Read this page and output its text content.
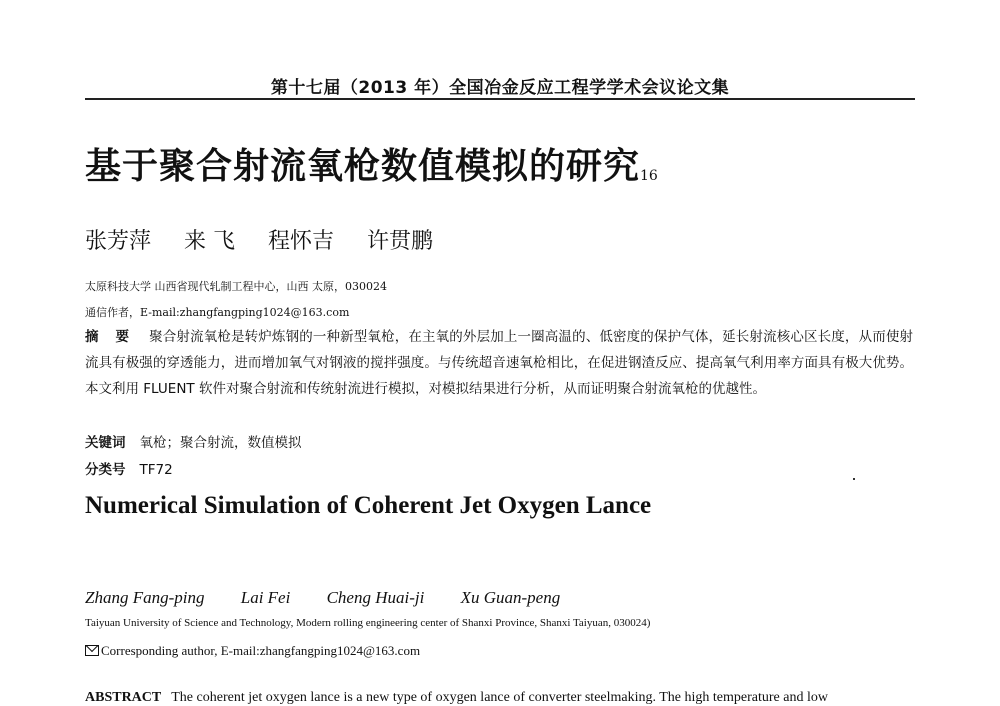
第十七届（2013 年）全国冶金反应工程学学术会议论文集
基于聚合射流氧枪数值模拟的研究$_{16}$
张芳萍 来 飞 程怀吉 许贯鹏
太原科技大学 山西省现代轧制工程中心，山西 太原，030024
通信作者，E-mail:zhangfangping1024@163.com
摘 要 聚合射流氧枪是转炉炼钢的一种新型氧枪，在主氧的外层加上一圈高温的、低密度的保护气体，延长射流核心区长度，从而使射流具有极强的穿透能力，进而增加氧气对钢液的搅拌强度。与传统超音速氧枪相比，在促进钢渣反应、提高氧气利用率方面具有极大优势。本文利用 FLUENT 软件对聚合射流和传统射流进行模拟，对模拟结果进行分析，从而证明聚合射流氧枪的优越性。
关键词 氧枪；聚合射流，数值模拟
分类号 TF72
Numerical Simulation of Coherent Jet Oxygen Lance
Zhang Fang-ping Lai Fei Cheng Huai-ji Xu Guan-peng
Taiyuan University of Science and Technology, Modern rolling engineering center of Shanxi Province, Shanxi Taiyuan, 030024)
Corresponding author, E-mail:zhangfangping1024@163.com
ABSTRACT The coherent jet oxygen lance is a new type of oxygen lance of converter steelmaking. The high temperature and low
